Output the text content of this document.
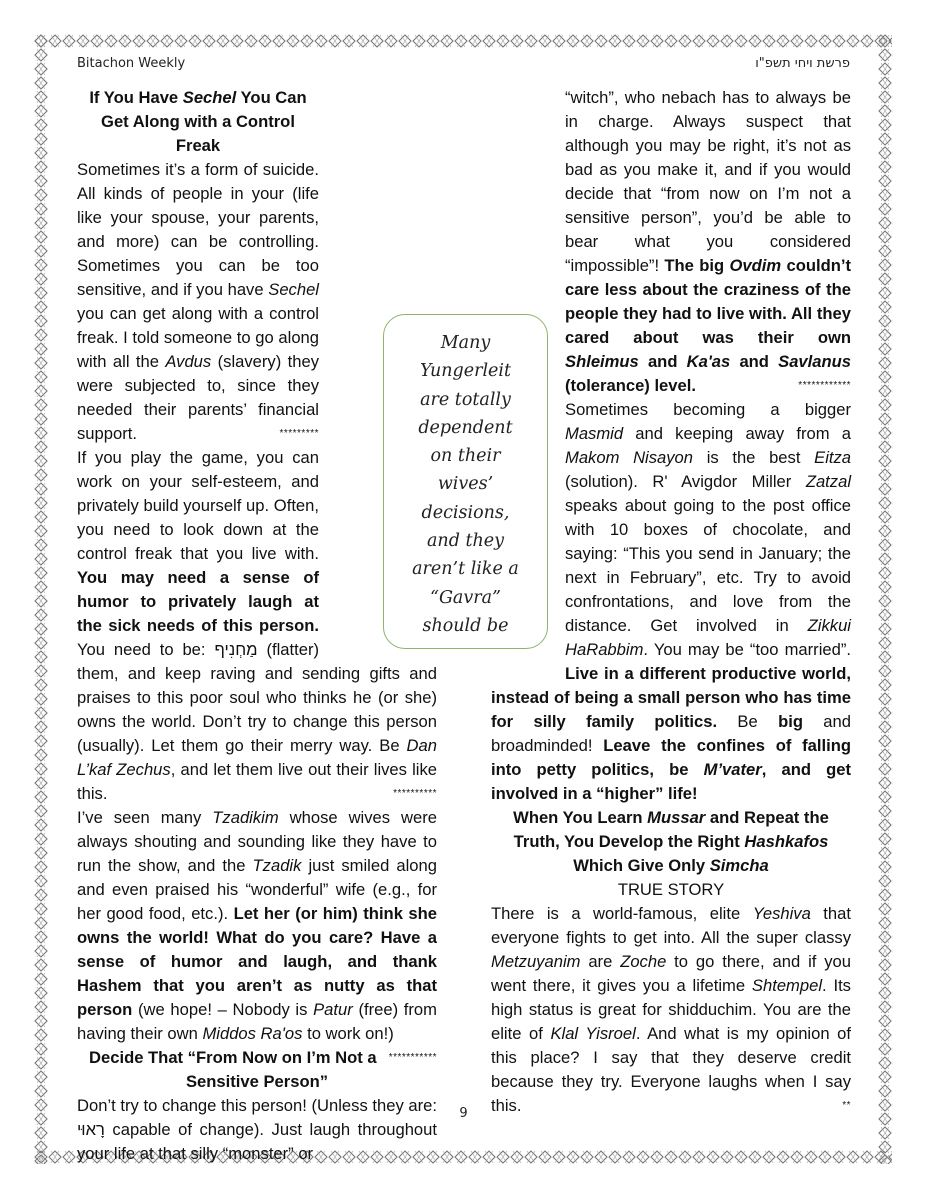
Bitachon Weekly	פרשת ויחי תשפ"ו
If You Have Sechel You Can Get Along with a Control Freak

Sometimes it’s a form of suicide. All kinds of people in your (life like your spouse, your parents, and more) can be controlling. Sometimes you can be too sensitive, and if you have Sechel you can get along with a control freak. I told someone to go along with all the Avdus (slavery) they were subjected to, since they needed their parents’ financial support.	*********

If you play the game, you can work on your self-esteem, and privately build yourself up. Often, you need to look down at the control freak that you live with. You may need a sense of humor to privately laugh at the sick needs of this person. You need to be: מַחְנִיף (flatter) them, and keep raving and sending gifts and praises to this poor soul who thinks he (or she) owns the world. Don’t try to change this person (usually). Let them go their merry way. Be Dan L’kaf Zechus, and let them live out their lives like this.	**********

I’ve seen many Tzadikim whose wives were always shouting and sounding like they have to run the show, and the Tzadik just smiled along and even praised his “wonderful” wife (e.g., for her good food, etc.). Let her (or him) think she owns the world! What do you care? Have a sense of humor and laugh, and thank Hashem that you aren’t as nutty as that person (we hope! – Nobody is Patur (free) from having their own Middos Ra'os to work on!)
***********

Decide That “From Now on I’m Not a Sensitive Person”

Don’t try to change this person! (Unless they are: רָאוּי capable of change). Just laugh throughout your life at that silly “monster” or

“witch”, who nebach has to always be in charge. Always suspect that although you may be right, it’s not as bad as you make it, and if you would decide that “from now on I’m not a sensitive person”, you’d be able to bear what you considered “impossible”! The big Ovdim couldn’t care less about the craziness of the people they had to live with. All they cared about was their own Shleimus and Ka'as and Savlanus (tolerance) level.	************

Sometimes becoming a bigger Masmid and keeping away from a Makom Nisayon is the best Eitza (solution). R' Avigdor Miller Zatzal speaks about going to the post office with 10 boxes of chocolate, and saying: “This you send in January; the next in February”, etc. Try to avoid confrontations, and love from the distance. Get involved in Zikkui HaRabbim. You may be “too married”. Live in a different productive world, instead of being a small person who has time for silly family politics. Be big and broadminded! Leave the confines of falling into petty politics, be M’vater, and get involved in a “higher” life!

When You Learn Mussar and Repeat the Truth, You Develop the Right Hashkafos Which Give Only Simcha

TRUE STORY

There is a world-famous, elite Yeshiva that everyone fights to get into. All the super classy Metzuyanim are Zoche to go there, and if you went there, it gives you a lifetime Shtempel. Its high status is great for shidduchim. You are the elite of Klal Yisroel. And what is my opinion of this place? I say that they deserve credit because they try. Everyone laughs when I say this.	**

Many
Yungerleit
are totally
dependent
on their
wives’
decisions,
and they
aren’t like a
“Gavra”
should be
9
